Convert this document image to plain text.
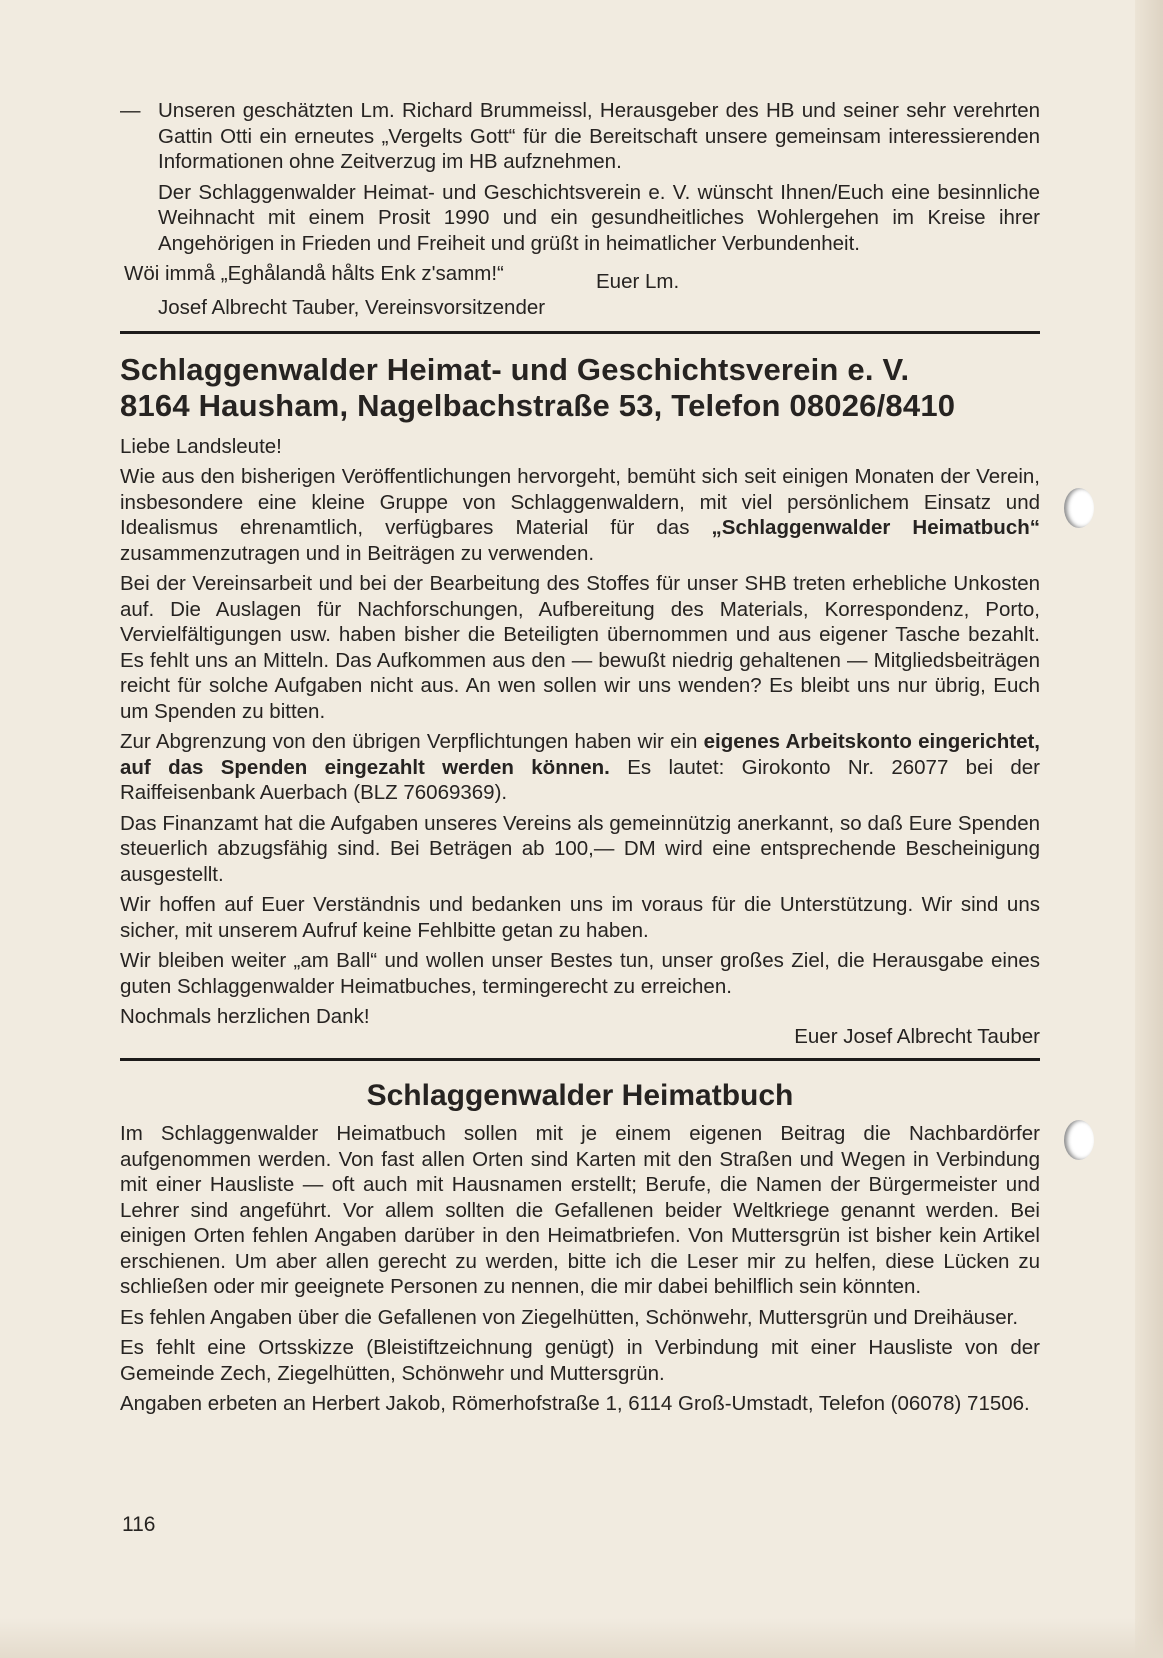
— Unseren geschätzten Lm. Richard Brummeissl, Herausgeber des HB und seiner sehr verehrten Gattin Otti ein erneutes „Vergelts Gott“ für die Bereitschaft unsere gemeinsam interessierenden Informationen ohne Zeitverzug im HB aufznehmen.

Der Schlaggenwalder Heimat- und Geschichtsverein e. V. wünscht Ihnen/Euch eine besinnliche Weihnacht mit einem Prosit 1990 und ein gesundheitliches Wohlergehen im Kreise ihrer Angehörigen in Frieden und Freiheit und grüßt in heimatlicher Verbundenheit.

Wöi immå „Eghålandå hålts Enk z'samm!“	Euer Lm.

Josef Albrecht Tauber, Vereinsvorsitzender

Schlaggenwalder Heimat- und Geschichtsverein e. V.
8164 Hausham, Nagelbachstraße 53, Telefon 08026/8410

Liebe Landsleute!

Wie aus den bisherigen Veröffentlichungen hervorgeht, bemüht sich seit einigen Monaten der Verein, insbesondere eine kleine Gruppe von Schlaggenwaldern, mit viel persönlichem Einsatz und Idealismus ehrenamtlich, verfügbares Material für das „Schlaggenwalder Heimatbuch“ zusammenzutragen und in Beiträgen zu verwenden.

Bei der Vereinsarbeit und bei der Bearbeitung des Stoffes für unser SHB treten erhebliche Unkosten auf. Die Auslagen für Nachforschungen, Aufbereitung des Materials, Korrespondenz, Porto, Vervielfältigungen usw. haben bisher die Beteiligten übernommen und aus eigener Tasche bezahlt. Es fehlt uns an Mitteln. Das Aufkommen aus den — bewußt niedrig gehaltenen — Mitgliedsbeiträgen reicht für solche Aufgaben nicht aus. An wen sollen wir uns wenden? Es bleibt uns nur übrig, Euch um Spenden zu bitten.

Zur Abgrenzung von den übrigen Verpflichtungen haben wir ein eigenes Arbeitskonto eingerichtet, auf das Spenden eingezahlt werden können. Es lautet: Girokonto Nr. 26077 bei der Raiffeisenbank Auerbach (BLZ 76069369).

Das Finanzamt hat die Aufgaben unseres Vereins als gemeinnützig anerkannt, so daß Eure Spenden steuerlich abzugsfähig sind. Bei Beträgen ab 100,— DM wird eine entsprechende Bescheinigung ausgestellt.

Wir hoffen auf Euer Verständnis und bedanken uns im voraus für die Unterstützung. Wir sind uns sicher, mit unserem Aufruf keine Fehlbitte getan zu haben.

Wir bleiben weiter „am Ball“ und wollen unser Bestes tun, unser großes Ziel, die Herausgabe eines guten Schlaggenwalder Heimatbuches, termingerecht zu erreichen.

Nochmals herzlichen Dank!
Euer Josef Albrecht Tauber
Schlaggenwalder Heimatbuch

Im Schlaggenwalder Heimatbuch sollen mit je einem eigenen Beitrag die Nachbardörfer aufgenommen werden. Von fast allen Orten sind Karten mit den Straßen und Wegen in Verbindung mit einer Hausliste — oft auch mit Hausnamen erstellt; Berufe, die Namen der Bürgermeister und Lehrer sind angeführt. Vor allem sollten die Gefallenen beider Weltkriege genannt werden. Bei einigen Orten fehlen Angaben darüber in den Heimatbriefen. Von Muttersgrün ist bisher kein Artikel erschienen. Um aber allen gerecht zu werden, bitte ich die Leser mir zu helfen, diese Lücken zu schließen oder mir geeignete Personen zu nennen, die mir dabei behilflich sein könnten.

Es fehlen Angaben über die Gefallenen von Ziegelhütten, Schönwehr, Muttersgrün und Dreihäuser.

Es fehlt eine Ortsskizze (Bleistiftzeichnung genügt) in Verbindung mit einer Hausliste von der Gemeinde Zech, Ziegelhütten, Schönwehr und Muttersgrün.

Angaben erbeten an Herbert Jakob, Römerhofstraße 1, 6114 Groß-Umstadt, Telefon (06078) 71506.

116
